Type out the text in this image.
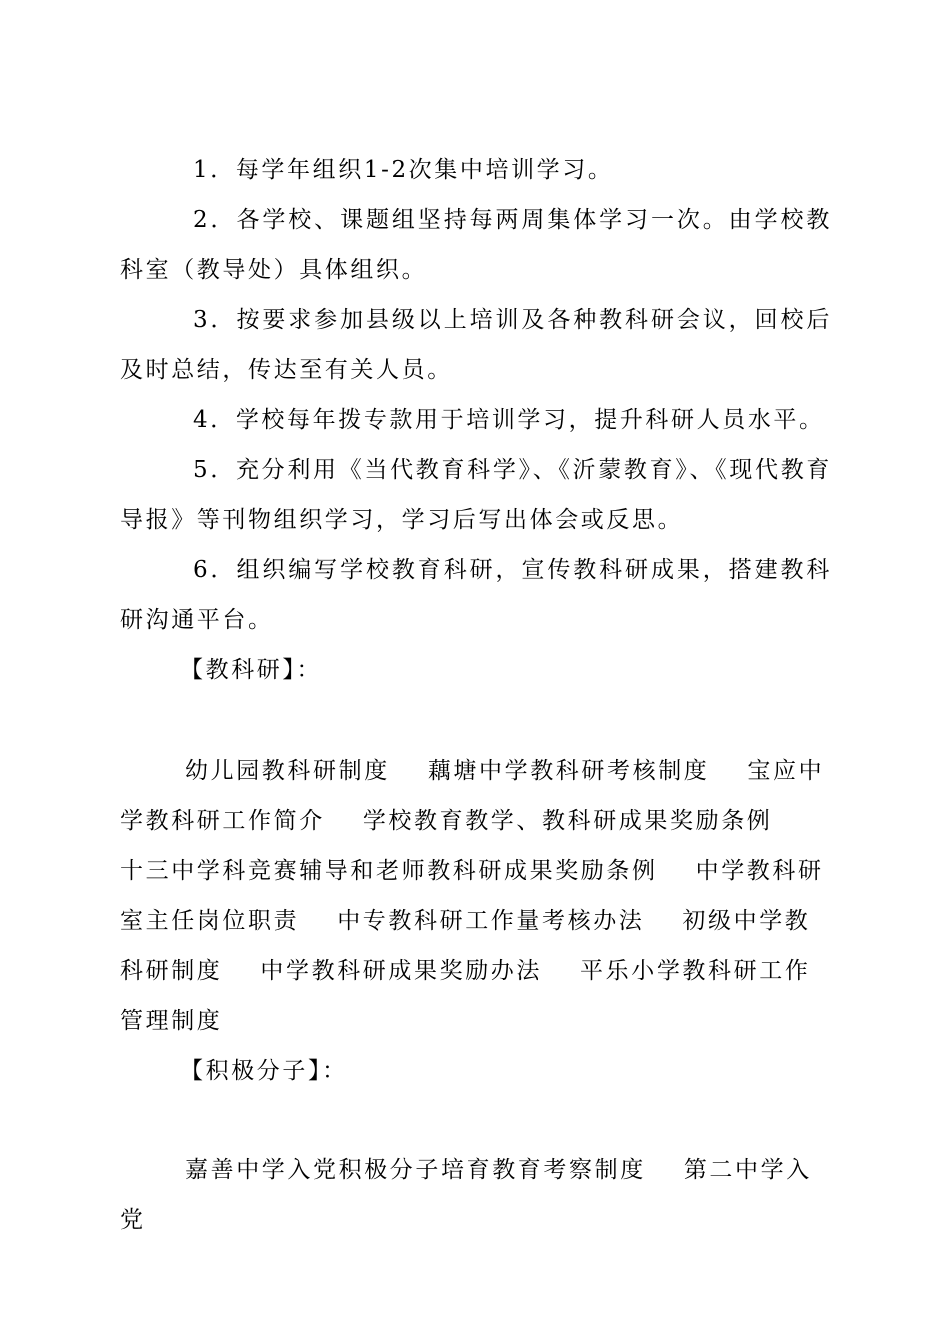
1．每学年组织1-2次集中培训学习。

2．各学校、课题组坚持每两周集体学习一次。由学校教科室（教导处）具体组织。

3．按要求参加县级以上培训及各种教科研会议，回校后及时总结，传达至有关人员。

4．学校每年拨专款用于培训学习，提升科研人员水平。

5．充分利用《当代教育科学》、《沂蒙教育》、《现代教育导报》等刊物组织学习，学习后写出体会或反思。

6．组织编写学校教育科研，宣传教科研成果，搭建教科研沟通平台。

【教科研】：

幼儿园教科研制度 藕塘中学教科研考核制度 宝应中学教科研工作简介 学校教育教学、教科研成果奖励条例十三中学科竞赛辅导和老师教科研成果奖励条例 中学教科研室主任岗位职责 中专教科研工作量考核办法 初级中学教科研制度 中学教科研成果奖励办法 平乐小学教科研工作管理制度

【积极分子】：

嘉善中学入党积极分子培育教育考察制度 第二中学入党
